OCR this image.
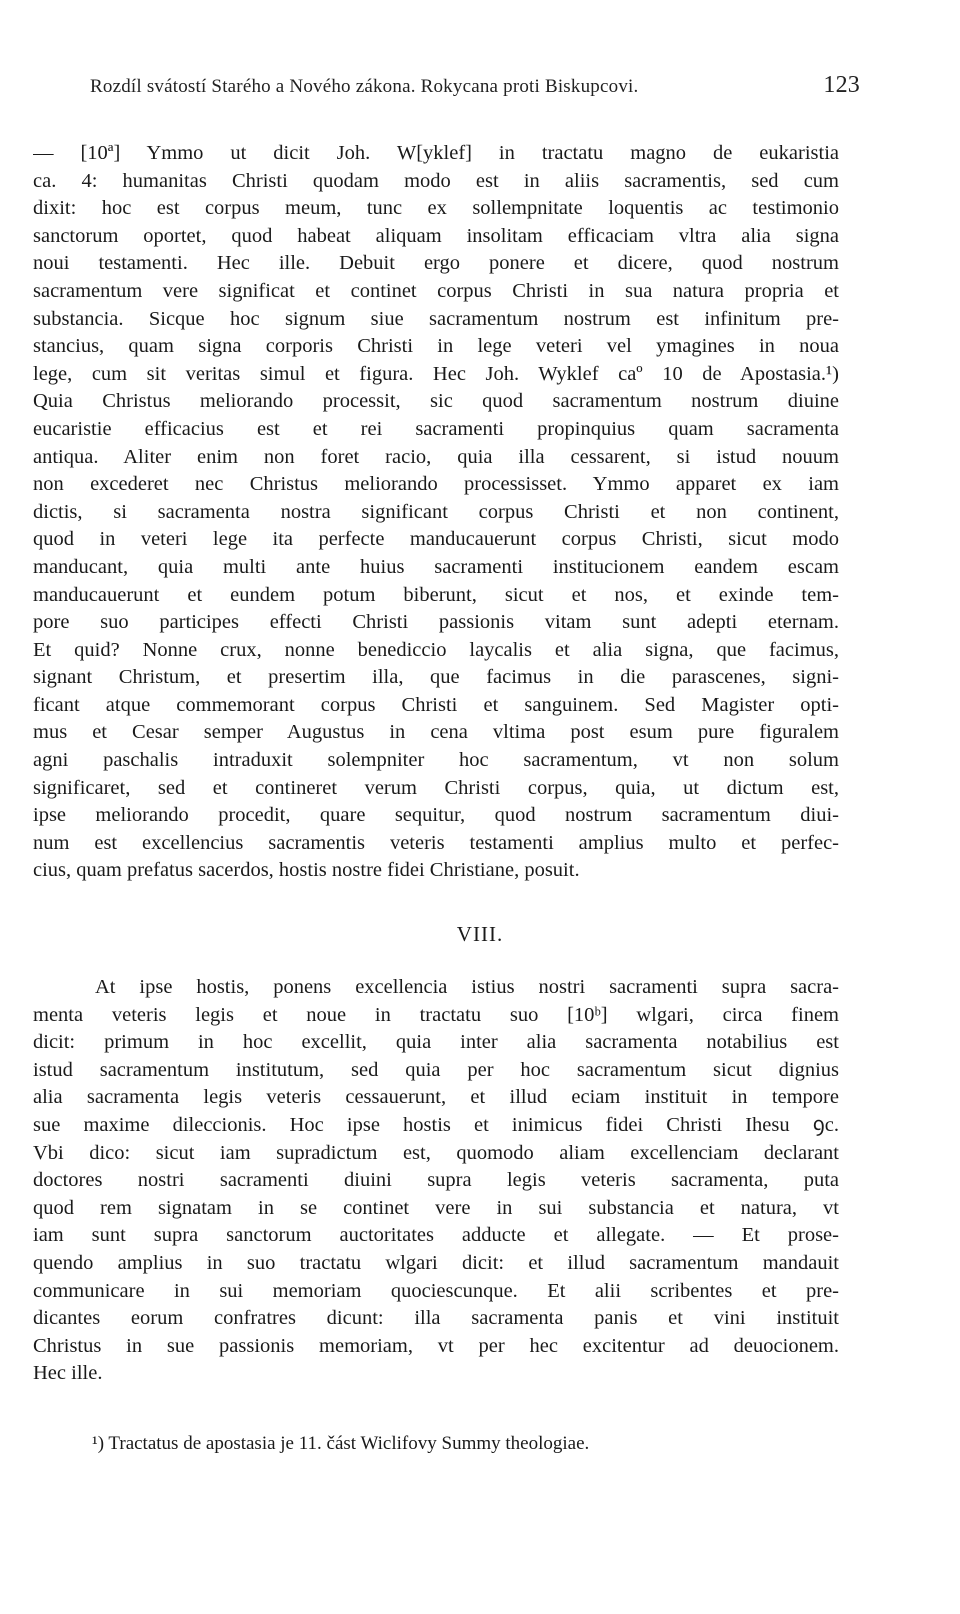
Rozdíl svátostí Starého a Nového zákona. Rokycana proti Biskupcovi.	123
— [10ª] Ymmo ut dicit Joh. W[yklef] in tractatu magno de eukaristia
ca. 4: humanitas Christi quodam modo est in aliis sacramentis, sed cum
dixit: hoc est corpus meum, tunc ex sollempnitate loquentis ac testimonio
sanctorum oportet, quod habeat aliquam insolitam efficaciam vltra alia signa
noui testamenti. Hec ille. Debuit ergo ponere et dicere, quod nostrum
sacramentum vere significat et continet corpus Christi in sua natura propria et
substancia. Sicque hoc signum siue sacramentum nostrum est infinitum pre-
stancius, quam signa corporis Christi in lege veteri vel ymagines in noua
lege, cum sit veritas simul et figura. Hec Joh. Wyklef caº 10 de Apostasia.¹)
Quia Christus meliorando processit, sic quod sacramentum nostrum diuine
eucaristie efficacius est et rei sacramenti propinquius quam sacramenta
antiqua. Aliter enim non foret racio, quia illa cessarent, si istud nouum
non excederet nec Christus meliorando processisset. Ymmo apparet ex iam
dictis, si sacramenta nostra significant corpus Christi et non continent,
quod in veteri lege ita perfecte manducauerunt corpus Christi, sicut modo
manducant, quia multi ante huius sacramenti institucionem eandem escam
manducauerunt et eundem potum biberunt, sicut et nos, et exinde tem-
pore suo participes effecti Christi passionis vitam sunt adepti eternam.
Et quid? Nonne crux, nonne benediccio laycalis et alia signa, que facimus,
signant Christum, et presertim illa, que facimus in die parascenes, signi-
ficant atque commemorant corpus Christi et sanguinem. Sed Magister opti-
mus et Cesar semper Augustus in cena vltima post esum pure figuralem
agni paschalis intraduxit solempniter hoc sacramentum, vt non solum
significaret, sed et contineret verum Christi corpus, quia, ut dictum est,
ipse meliorando procedit, quare sequitur, quod nostrum sacramentum diui-
num est excellencius sacramentis veteris testamenti amplius multo et perfec-
cius, quam prefatus sacerdos, hostis nostre fidei Christiane, posuit.
VIII.
At ipse hostis, ponens excellencia istius nostri sacramenti supra sacra-
menta veteris legis et noue in tractatu suo [10ᵇ] wlgari, circa finem
dicit: primum in hoc excellit, quia inter alia sacramenta notabilius est
istud sacramentum institutum, sed quia per hoc sacramentum sicut dignius
alia sacramenta legis veteris cessauerunt, et illud eciam instituit in tempore
sue maxime dileccionis. Hoc ipse hostis et inimicus fidei Christi Ihesu ꝯc.
Vbi dico: sicut iam supradictum est, quomodo aliam excellenciam declarant
doctores nostri sacramenti diuini supra legis veteris sacramenta, puta
quod rem signatam in se continet vere in sui substancia et natura, vt
iam sunt supra sanctorum auctoritates adducte et allegate. — Et prose-
quendo amplius in suo tractatu wlgari dicit: et illud sacramentum mandauit
communicare in sui memoriam quociescunque. Et alii scribentes et pre-
dicantes eorum confratres dicunt: illa sacramenta panis et vini instituit
Christus in sue passionis memoriam, vt per hec excitentur ad deuocionem.
Hec ille.
¹) Tractatus de apostasia je 11. část Wiclifovy Summy theologiae.
